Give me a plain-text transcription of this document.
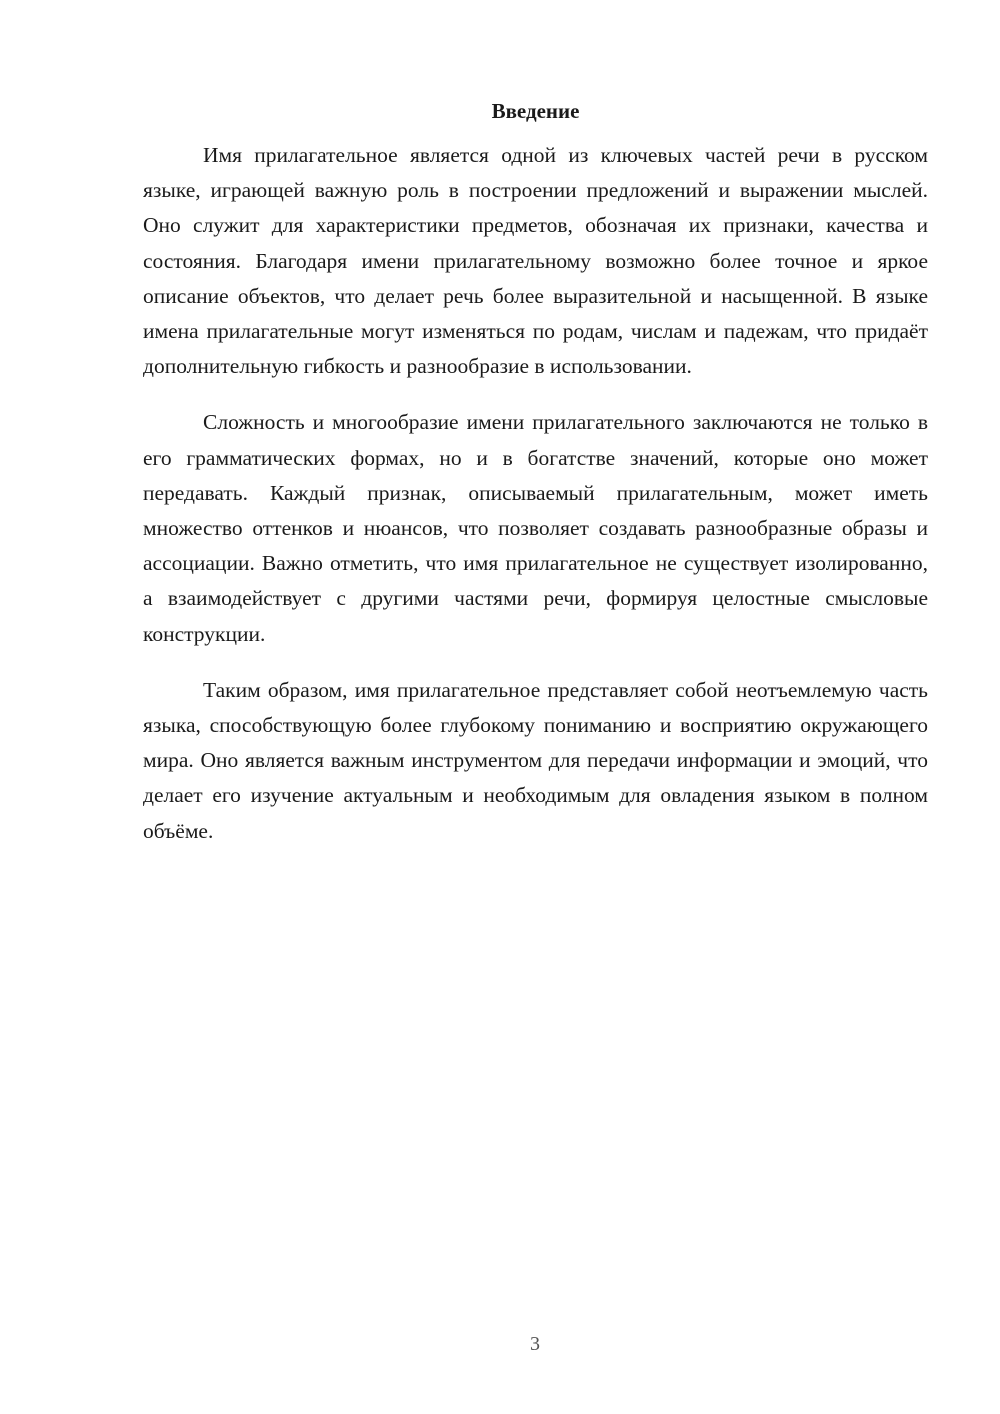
Введение

Имя прилагательное является одной из ключевых частей речи в русском языке, играющей важную роль в построении предложений и выражении мыслей. Оно служит для характеристики предметов, обозначая их признаки, качества и состояния. Благодаря имени прилагательному возможно более точное и яркое описание объектов, что делает речь более выразительной и насыщенной. В языке имена прилагательные могут изменяться по родам, числам и падежам, что придаёт дополнительную гибкость и разнообразие в использовании.

Сложность и многообразие имени прилагательного заключаются не только в его грамматических формах, но и в богатстве значений, которые оно может передавать. Каждый признак, описываемый прилагательным, может иметь множество оттенков и нюансов, что позволяет создавать разнообразные образы и ассоциации. Важно отметить, что имя прилагательное не существует изолированно, а взаимодействует с другими частями речи, формируя целостные смысловые конструкции.

Таким образом, имя прилагательное представляет собой неотъемлемую часть языка, способствующую более глубокому пониманию и восприятию окружающего мира. Оно является важным инструментом для передачи информации и эмоций, что делает его изучение актуальным и необходимым для овладения языком в полном объёме.

3
